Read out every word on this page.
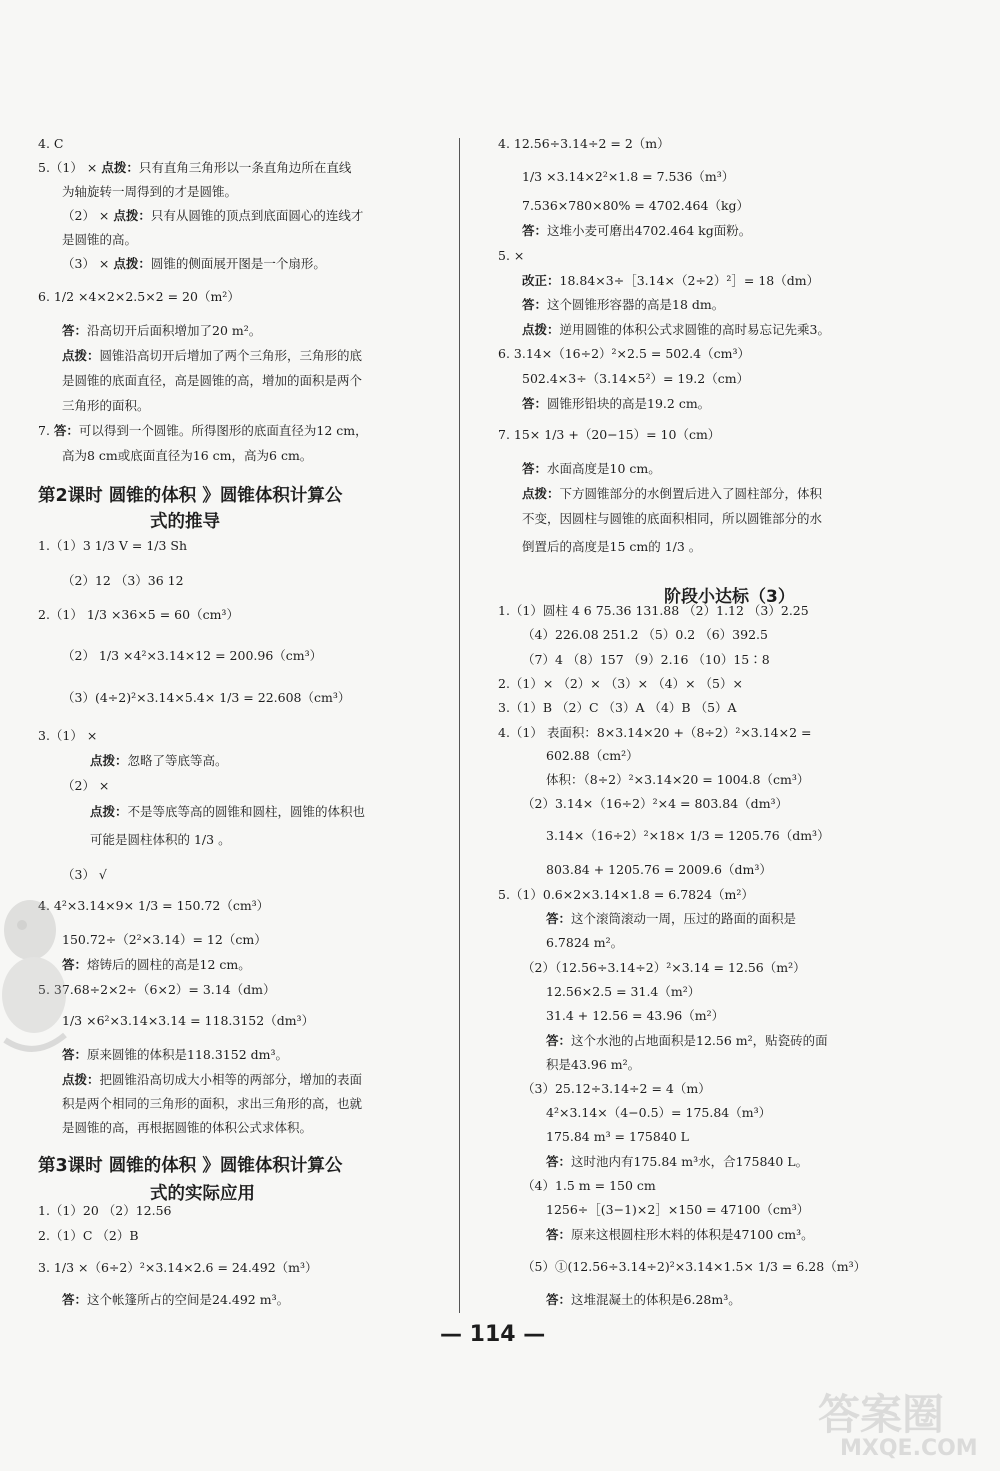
4. C
5.（1） × 点拨：只有直角三角形以一条直角边所在直线
为轴旋转一周得到的才是圆锥。
（2） × 点拨：只有从圆锥的顶点到底面圆心的连线才
是圆锥的高。
（3） × 点拨：圆锥的侧面展开图是一个扇形。
6. 1/2 ×4×2×2.5×2 = 20（m²）
答：沿高切开后面积增加了20 m²。
点拨：圆锥沿高切开后增加了两个三角形，三角形的底
是圆锥的底面直径，高是圆锥的高，增加的面积是两个
三角形的面积。
7. 答：可以得到一个圆锥。所得图形的底面直径为12 cm，
高为8 cm或底面直径为16 cm，高为6 cm。
1.（1）3 1/3 V = 1/3 Sh
（2）12 （3）36 12
2.（1） 1/3 ×36×5 = 60（cm³）
（2） 1/3 ×4²×3.14×12 = 200.96（cm³）
（3）(4÷2)²×3.14×5.4× 1/3 = 22.608（cm³）
3.（1） ×
点拨：忽略了等底等高。
（2） ×
点拨：不是等底等高的圆锥和圆柱，圆锥的体积也
可能是圆柱体积的 1/3 。
（3） √
4. 4²×3.14×9× 1/3 = 150.72（cm³）
150.72÷（2²×3.14）= 12（cm）
答：熔铸后的圆柱的高是12 cm。
5. 37.68÷2×2÷（6×2）= 3.14（dm）
1/3 ×6²×3.14×3.14 = 118.3152（dm³）
答：原来圆锥的体积是118.3152 dm³。
点拨：把圆锥沿高切成大小相等的两部分，增加的表面
积是两个相同的三角形的面积，求出三角形的高，也就
是圆锥的高，再根据圆锥的体积公式求体积。
1.（1）20 （2）12.56
2.（1）C （2）B
3. 1/3 ×（6÷2）²×3.14×2.6 = 24.492（m³）
答：这个帐篷所占的空间是24.492 m³。
4. 12.56÷3.14÷2 = 2（m）
1/3 ×3.14×2²×1.8 = 7.536（m³）
7.536×780×80% = 4702.464（kg）
答：这堆小麦可磨出4702.464 kg面粉。
5. ×
改正：18.84×3÷［3.14×（2÷2）²］= 18（dm）
答：这个圆锥形容器的高是18 dm。
点拨：逆用圆锥的体积公式求圆锥的高时易忘记先乘3。
6. 3.14×（16÷2）²×2.5 = 502.4（cm³）
502.4×3÷（3.14×5²）= 19.2（cm）
答：圆锥形铅块的高是19.2 cm。
7. 15× 1/3 +（20−15）= 10（cm）
答：水面高度是10 cm。
点拨：下方圆锥部分的水倒置后进入了圆柱部分，体积
不变，因圆柱与圆锥的底面积相同，所以圆锥部分的水
倒置后的高度是15 cm的 1/3 。
1.（1）圆柱 4 6 75.36 131.88 （2）1.12 （3）2.25
（4）226.08 251.2 （5）0.2 （6）392.5
（7）4 （8）157 （9）2.16 （10）15∶8
2.（1）× （2）× （3）× （4）× （5）×
3.（1）B （2）C （3）A （4）B （5）A
4.（1） 表面积：8×3.14×20 +（8÷2）²×3.14×2 =
602.88（cm²）
体积：（8÷2）²×3.14×20 = 1004.8（cm³）
（2）3.14×（16÷2）²×4 = 803.84（dm³）
3.14×（16÷2）²×18× 1/3 = 1205.76（dm³）
803.84 + 1205.76 = 2009.6（dm³）
5.（1）0.6×2×3.14×1.8 = 6.7824（m²）
答：这个滚筒滚动一周，压过的路面的面积是
6.7824 m²。
（2）（12.56÷3.14÷2）²×3.14 = 12.56（m²）
12.56×2.5 = 31.4（m²）
31.4 + 12.56 = 43.96（m²）
答：这个水池的占地面积是12.56 m²，贴瓷砖的面
积是43.96 m²。
（3）25.12÷3.14÷2 = 4（m）
4²×3.14×（4−0.5）= 175.84（m³）
175.84 m³ = 175840 L
答：这时池内有175.84 m³水，合175840 L。
（4）1.5 m = 150 cm
1256÷［(3−1)×2］×150 = 47100（cm³）
答：原来这根圆柱形木料的体积是47100 cm³。
（5）①(12.56÷3.14÷2)²×3.14×1.5× 1/3 = 6.28（m³）
答：这堆混凝土的体积是6.28m³。
第2课时 圆锥的体积 》圆锥体积计算公
式的推导
第3课时 圆锥的体积 》圆锥体积计算公
式的实际应用
阶段小达标（3）
— 114 —
答案圈
MXQE.COM
